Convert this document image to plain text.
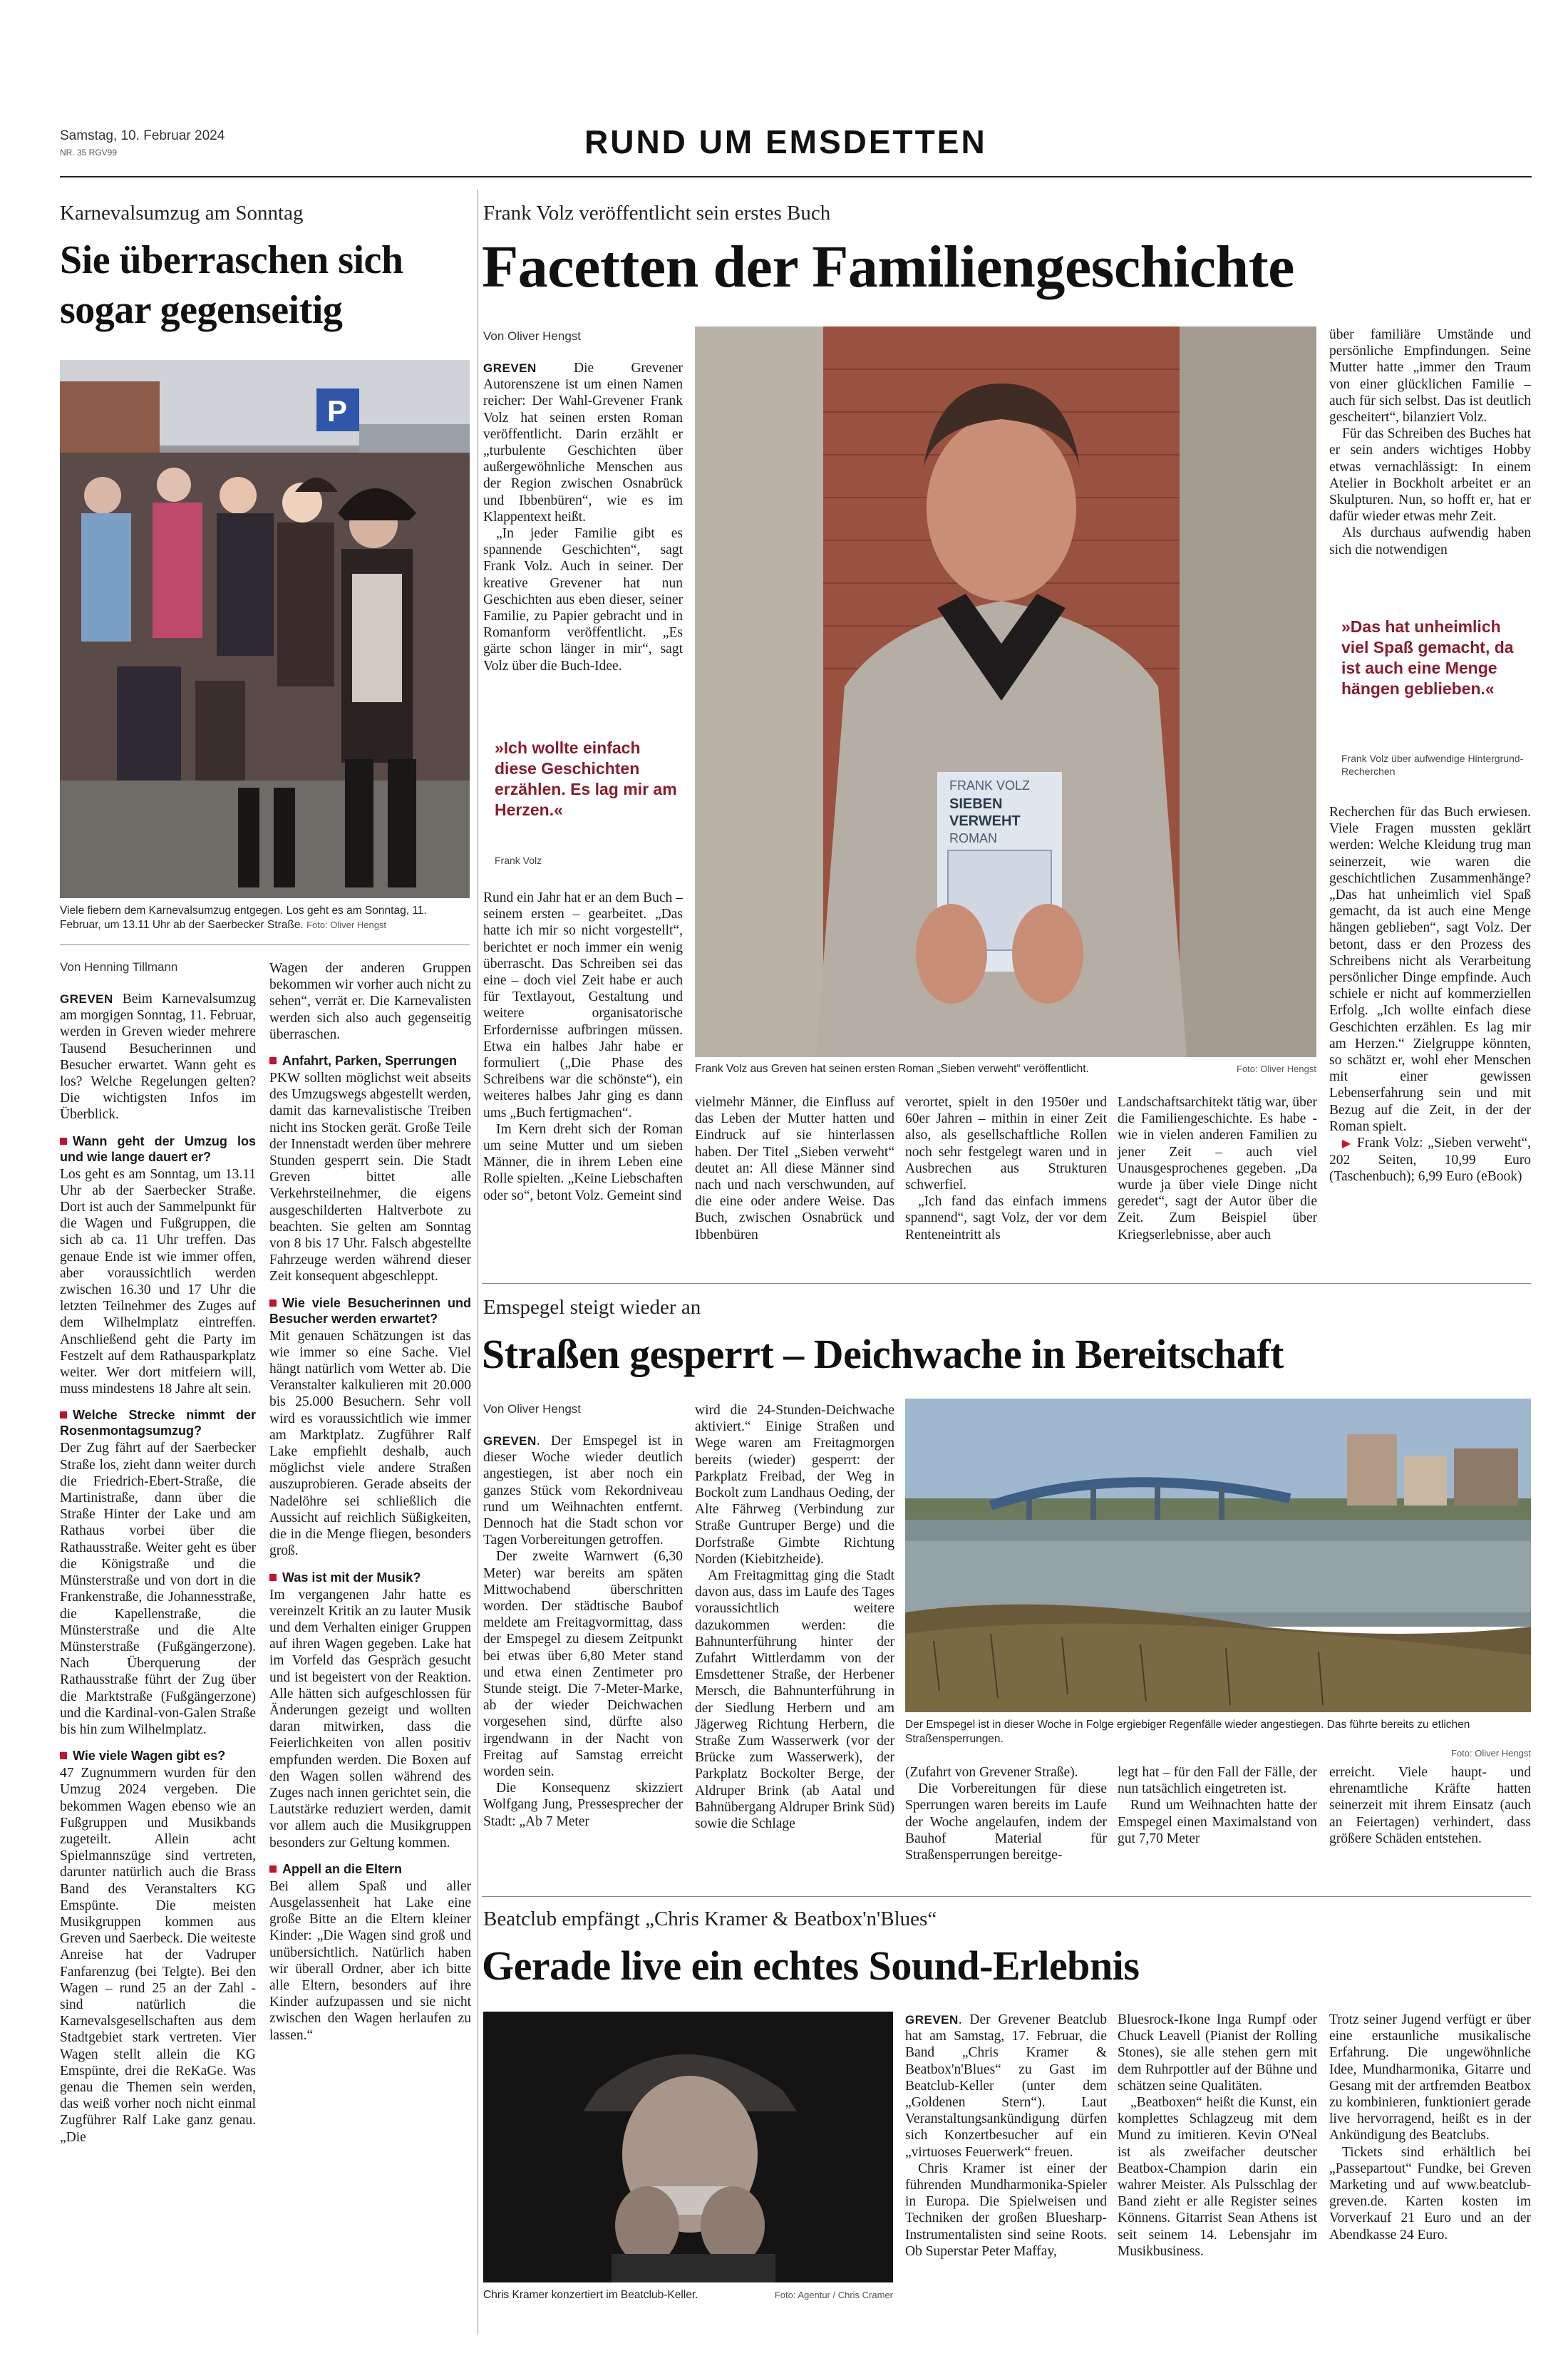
Samstag, 10. Februar 2024
NR. 35 RGV99	RUND UM EMSDETTEN
Karnevalsumzug am Sonntag
Sie überraschen sich sogar gegenseitig
P
Viele fiebern dem Karnevalsumzug entgegen. Los geht es am Sonntag, 11. Februar, um 13.11 Uhr ab der Saerbecker Straße. Foto: Oliver Hengst
Von Henning Tillmann

GREVEN Beim Karnevalsumzug am morgigen Sonntag, 11. Februar, werden in Greven wieder mehrere Tausend Besucherinnen und Besucher erwartet. Wann geht es los? Welche Regelungen gelten? Die wichtigsten Infos im Überblick.

Wann geht der Umzug los und wie lange dauert er?

Los geht es am Sonntag, um 13.11 Uhr ab der Saerbecker Straße. Dort ist auch der Sammelpunkt für die Wagen und Fußgruppen, die sich ab ca. 11 Uhr treffen. Das genaue Ende ist wie immer offen, aber voraussichtlich werden zwischen 16.30 und 17 Uhr die letzten Teilnehmer des Zuges auf dem Wilhelmplatz eintreffen. Anschließend geht die Party im Festzelt auf dem Rathausparkplatz weiter. Wer dort mitfeiern will, muss mindestens 18 Jahre alt sein.

Welche Strecke nimmt der Rosenmontagsumzug?

Der Zug fährt auf der Saerbecker Straße los, zieht dann weiter durch die Friedrich-Ebert-Straße, die Martinistraße, dann über die Straße Hinter der Lake und am Rathaus vorbei über die Rathausstraße. Weiter geht es über die Königstraße und die Münsterstraße und von dort in die Frankenstraße, die Johannesstraße, die Kapellenstraße, die Münsterstraße und die Alte Münsterstraße (Fußgängerzone). Nach Überquerung der Rathausstraße führt der Zug über die Marktstraße (Fußgängerzone) und die Kardinal-von-Galen Straße bis hin zum Wilhelmplatz.

Wie viele Wagen gibt es?

47 Zugnummern wurden für den Umzug 2024 vergeben. Die bekommen Wagen ebenso wie an Fußgruppen und Musikbands zugeteilt. Allein acht Spielmannszüge sind vertreten, darunter natürlich auch die Brass Band des Veranstalters KG Emspünte. Die meisten Musikgruppen kommen aus Greven und Saerbeck. Die weiteste Anreise hat der Vadruper Fanfarenzug (bei Telgte). Bei den Wagen – rund 25 an der Zahl - sind natürlich die Karnevalsgesellschaften aus dem Stadtgebiet stark vertreten. Vier Wagen stellt allein die KG Emspünte, drei die ReKaGe. Was genau die Themen sein werden, das weiß vorher noch nicht einmal Zugführer Ralf Lake ganz genau. „Die

Wagen der anderen Gruppen bekommen wir vorher auch nicht zu sehen“, verrät er. Die Karnevalisten werden sich also auch gegenseitig überraschen.

Anfahrt, Parken, Sperrungen

PKW sollten möglichst weit abseits des Umzugswegs abgestellt werden, damit das karnevalistische Treiben nicht ins Stocken gerät. Große Teile der Innenstadt werden über mehrere Stunden gesperrt sein. Die Stadt Greven bittet alle Verkehrsteilnehmer, die eigens ausgeschilderten Haltverbote zu beachten. Sie gelten am Sonntag von 8 bis 17 Uhr. Falsch abgestellte Fahrzeuge werden während dieser Zeit konsequent abgeschleppt.

Wie viele Besucherinnen und Besucher werden erwartet?

Mit genauen Schätzungen ist das wie immer so eine Sache. Viel hängt natürlich vom Wetter ab. Die Veranstalter kalkulieren mit 20.000 bis 25.000 Besuchern. Sehr voll wird es voraussichtlich wie immer am Marktplatz. Zugführer Ralf Lake empfiehlt deshalb, auch möglichst viele andere Straßen auszuprobieren. Gerade abseits der Nadelöhre sei schließlich die Aussicht auf reichlich Süßigkeiten, die in die Menge fliegen, besonders groß.

Was ist mit der Musik?

Im vergangenen Jahr hatte es vereinzelt Kritik an zu lauter Musik und dem Verhalten einiger Gruppen auf ihren Wagen gegeben. Lake hat im Vorfeld das Gespräch gesucht und ist begeistert von der Reaktion. Alle hätten sich aufgeschlossen für Änderungen gezeigt und wollten daran mitwirken, dass die Feierlichkeiten von allen positiv empfunden werden. Die Boxen auf den Wagen sollen während des Zuges nach innen gerichtet sein, die Lautstärke reduziert werden, damit vor allem auch die Musikgruppen besonders zur Geltung kommen.

Appell an die Eltern

Bei allem Spaß und aller Ausgelassenheit hat Lake eine große Bitte an die Eltern kleiner Kinder: „Die Wagen sind groß und unübersichtlich. Natürlich haben wir überall Ordner, aber ich bitte alle Eltern, besonders auf ihre Kinder aufzupassen und sie nicht zwischen den Wagen herlaufen zu lassen.“

Frank Volz veröffentlicht sein erstes Buch
Facetten der Familiengeschichte
Von Oliver Hengst

GREVEN	Die Grevener Autorenszene ist um einen Namen reicher: Der Wahl-Grevener Frank Volz hat seinen ersten Roman veröffentlicht. Darin erzählt er „turbulente Geschichten über außergewöhnliche Menschen aus der Region zwischen Osnabrück und Ibbenbüren“, wie es im Klappentext heißt.

„In jeder Familie gibt es spannende Geschichten“, sagt Frank Volz. Auch in seiner. Der kreative Grevener hat nun Geschichten aus eben dieser, seiner Familie, zu Papier gebracht und in Romanform veröffentlicht. „Es gärte schon länger in mir“, sagt Volz über die Buch-Idee.

»Ich wollte einfach diese Geschichten erzählen. Es lag mir am Herzen.«
Frank Volz

Rund ein Jahr hat er an dem Buch – seinem ersten – gearbeitet. „Das hatte ich mir so nicht vorgestellt“, berichtet er noch immer ein wenig überrascht. Das Schreiben sei das eine – doch viel Zeit habe er auch für Textlayout, Gestaltung und weitere organisatorische Erfordernisse aufbringen müssen. Etwa ein halbes Jahr habe er formuliert („Die Phase des Schreibens war die schönste“), ein weiteres halbes Jahr ging es dann ums „Buch fertigmachen“.

Im Kern dreht sich der Roman um seine Mutter und um sieben Männer, die in ihrem Leben eine Rolle spielten. „Keine Liebschaften oder so“, betont Volz. Gemeint sind

FRANK VOLZ
SIEBEN
VERWEHT
ROMAN
Frank Volz aus Greven hat seinen ersten Roman „Sieben verweht“ veröffentlicht.	Foto: Oliver Hengst

vielmehr Männer, die Einfluss auf das Leben der Mutter hatten und Eindruck auf sie hinterlassen haben. Der Titel „Sieben verweht“ deutet an: All diese Männer sind nach und nach verschwunden, auf die eine oder andere Weise. Das Buch, zwischen Osnabrück und Ibbenbüren

verortet, spielt in den 1950er und 60er Jahren – mithin in einer Zeit also, als gesellschaftliche Rollen noch sehr festgelegt waren und in Ausbrechen aus Strukturen schwerfiel.

„Ich fand das einfach immens spannend“, sagt Volz, der vor dem Renteneintritt als

Landschaftsarchitekt tätig war, über die Familiengeschichte. Es habe - wie in vielen anderen Familien zu jener Zeit – auch viel Unausgesprochenes gegeben. „Da wurde ja über viele Dinge nicht geredet“, sagt der Autor über die Zeit. Zum Beispiel über Kriegserlebnisse, aber auch

über familiäre Umstände und persönliche Empfindungen. Seine Mutter hatte „immer den Traum von einer glücklichen Familie – auch für sich selbst. Das ist deutlich gescheitert“, bilanziert Volz.

Für das Schreiben des Buches hat er sein anders wichtiges Hobby etwas vernachlässigt: In einem Atelier in Bockholt arbeitet er an Skulpturen. Nun, so hofft er, hat er dafür wieder etwas mehr Zeit.

Als durchaus aufwendig haben sich die notwendigen

»Das hat unheimlich viel Spaß gemacht, da ist auch eine Menge hängen geblieben.«
Frank Volz über aufwendige Hintergrund-Recherchen

Recherchen für das Buch erwiesen. Viele Fragen mussten geklärt werden: Welche Kleidung trug man seinerzeit, wie waren die geschichtlichen Zusammenhänge? „Das hat unheimlich viel Spaß gemacht, da ist auch eine Menge hängen geblieben“, sagt Volz. Der betont, dass er den Prozess des Schreibens nicht als Verarbeitung persönlicher Dinge empfinde. Auch schiele er nicht auf kommerziellen Erfolg. „Ich wollte einfach diese Geschichten erzählen. Es lag mir am Herzen.“ Zielgruppe könnten, so schätzt er, wohl eher Menschen mit einer gewissen Lebenserfahrung sein und mit Bezug auf die Zeit, in der der Roman spielt.

▶ Frank Volz: „Sieben verweht“, 202 Seiten, 10,99 Euro (Taschenbuch); 6,99 Euro (eBook)

Emspegel steigt wieder an
Straßen gesperrt – Deichwache in Bereitschaft
Von Oliver Hengst

GREVEN. Der Emspegel ist in dieser Woche wieder deutlich angestiegen, ist aber noch ein ganzes Stück vom Rekordniveau rund um Weihnachten entfernt. Dennoch hat die Stadt schon vor Tagen Vorbereitungen getroffen.

Der zweite Warnwert (6,30 Meter) war bereits am späten Mittwochabend überschritten worden. Der städtische Baubof meldete am Freitagvormittag, dass der Emspegel zu diesem Zeitpunkt bei etwas über 6,80 Meter stand und etwa einen Zentimeter pro Stunde steigt. Die 7-Meter-Marke, ab der wieder Deichwachen vorgesehen sind, dürfte also irgendwann in der Nacht von Freitag auf Samstag erreicht worden sein.

Die Konsequenz skizziert Wolfgang Jung, Pressesprecher der Stadt: „Ab 7 Meter

wird die 24-Stunden-Deichwache aktiviert.“ Einige Straßen und Wege waren am Freitagmorgen bereits (wieder) gesperrt: der Parkplatz Freibad, der Weg in Bockolt zum Landhaus Oeding, der Alte Fährweg (Verbindung zur Straße Guntruper Berge) und die Dorfstraße Gimbte Richtung Norden (Kiebitzheide).

Am Freitagmittag ging die Stadt davon aus, dass im Laufe des Tages voraussichtlich weitere dazukommen werden: die Bahnunterführung hinter der Zufahrt Wittlerdamm von der Emsdettener Straße, der Herbener Mersch, die Bahnunterführung in der Siedlung Herbern und am Jägerweg Richtung Herbern, die Straße Zum Wasserwerk (vor der Brücke zum Wasserwerk), der Parkplatz Bockolter Berge, der Aldruper Brink (ab Aatal und Bahnübergang Aldruper Brink Süd) sowie die Schlage

Der Emspegel ist in dieser Woche in Folge ergiebiger Regenfälle wieder angestiegen. Das führte bereits zu etlichen Straßensperrungen.

Foto: Oliver Hengst

(Zufahrt von Grevener Straße).

Die Vorbereitungen für diese Sperrungen waren bereits im Laufe der Woche angelaufen, indem der Bauhof Material für Straßensperrungen bereitge-

legt hat – für den Fall der Fälle, der nun tatsächlich eingetreten ist.

Rund um Weihnachten hatte der Emspegel einen Maximalstand von gut 7,70 Meter

erreicht. Viele haupt- und ehrenamtliche Kräfte hatten seinerzeit mit ihrem Einsatz (auch an Feiertagen) verhindert, dass größere Schäden entstehen.

Beatclub empfängt „Chris Kramer & Beatbox'n'Blues“
Gerade live ein echtes Sound-Erlebnis
Chris Kramer konzertiert im Beatclub-Keller.	Foto: Agentur / Chris Cramer

GREVEN. Der Grevener Beatclub hat am Samstag, 17. Februar, die Band „Chris Kramer & Beatbox'n'Blues“ zu Gast im Beatclub-Keller (unter dem „Goldenen Stern“). Laut Veranstaltungsankündigung dürfen sich Konzertbesucher auf ein „virtuoses Feuerwerk“ freuen.

Chris Kramer ist einer der führenden Mundharmonika-Spieler in Europa. Die Spielweisen und Techniken der großen Bluesharp-Instrumentalisten sind seine Roots. Ob Superstar Peter Maffay,

Bluesrock-Ikone Inga Rumpf oder Chuck Leavell (Pianist der Rolling Stones), sie alle stehen gern mit dem Ruhrpottler auf der Bühne und schätzen seine Qualitäten.

„Beatboxen“ heißt die Kunst, ein komplettes Schlagzeug mit dem Mund zu imitieren. Kevin O'Neal ist als zweifacher deutscher Beatbox-Champion darin ein wahrer Meister. Als Pulsschlag der Band zieht er alle Register seines Könnens. Gitarrist Sean Athens ist seit seinem 14. Lebensjahr im Musikbusiness.

Trotz seiner Jugend verfügt er über eine erstaunliche musikalische Erfahrung. Die ungewöhnliche Idee, Mundharmonika, Gitarre und Gesang mit der artfremden Beatbox zu kombinieren, funktioniert gerade live hervorragend, heißt es in der Ankündigung des Beatclubs.

Tickets sind erhältlich bei „Passepartout“ Fundke, bei Greven Marketing und auf www.beatclub-greven.de. Karten kosten im Vorverkauf 21 Euro und an der Abendkasse 24 Euro.
